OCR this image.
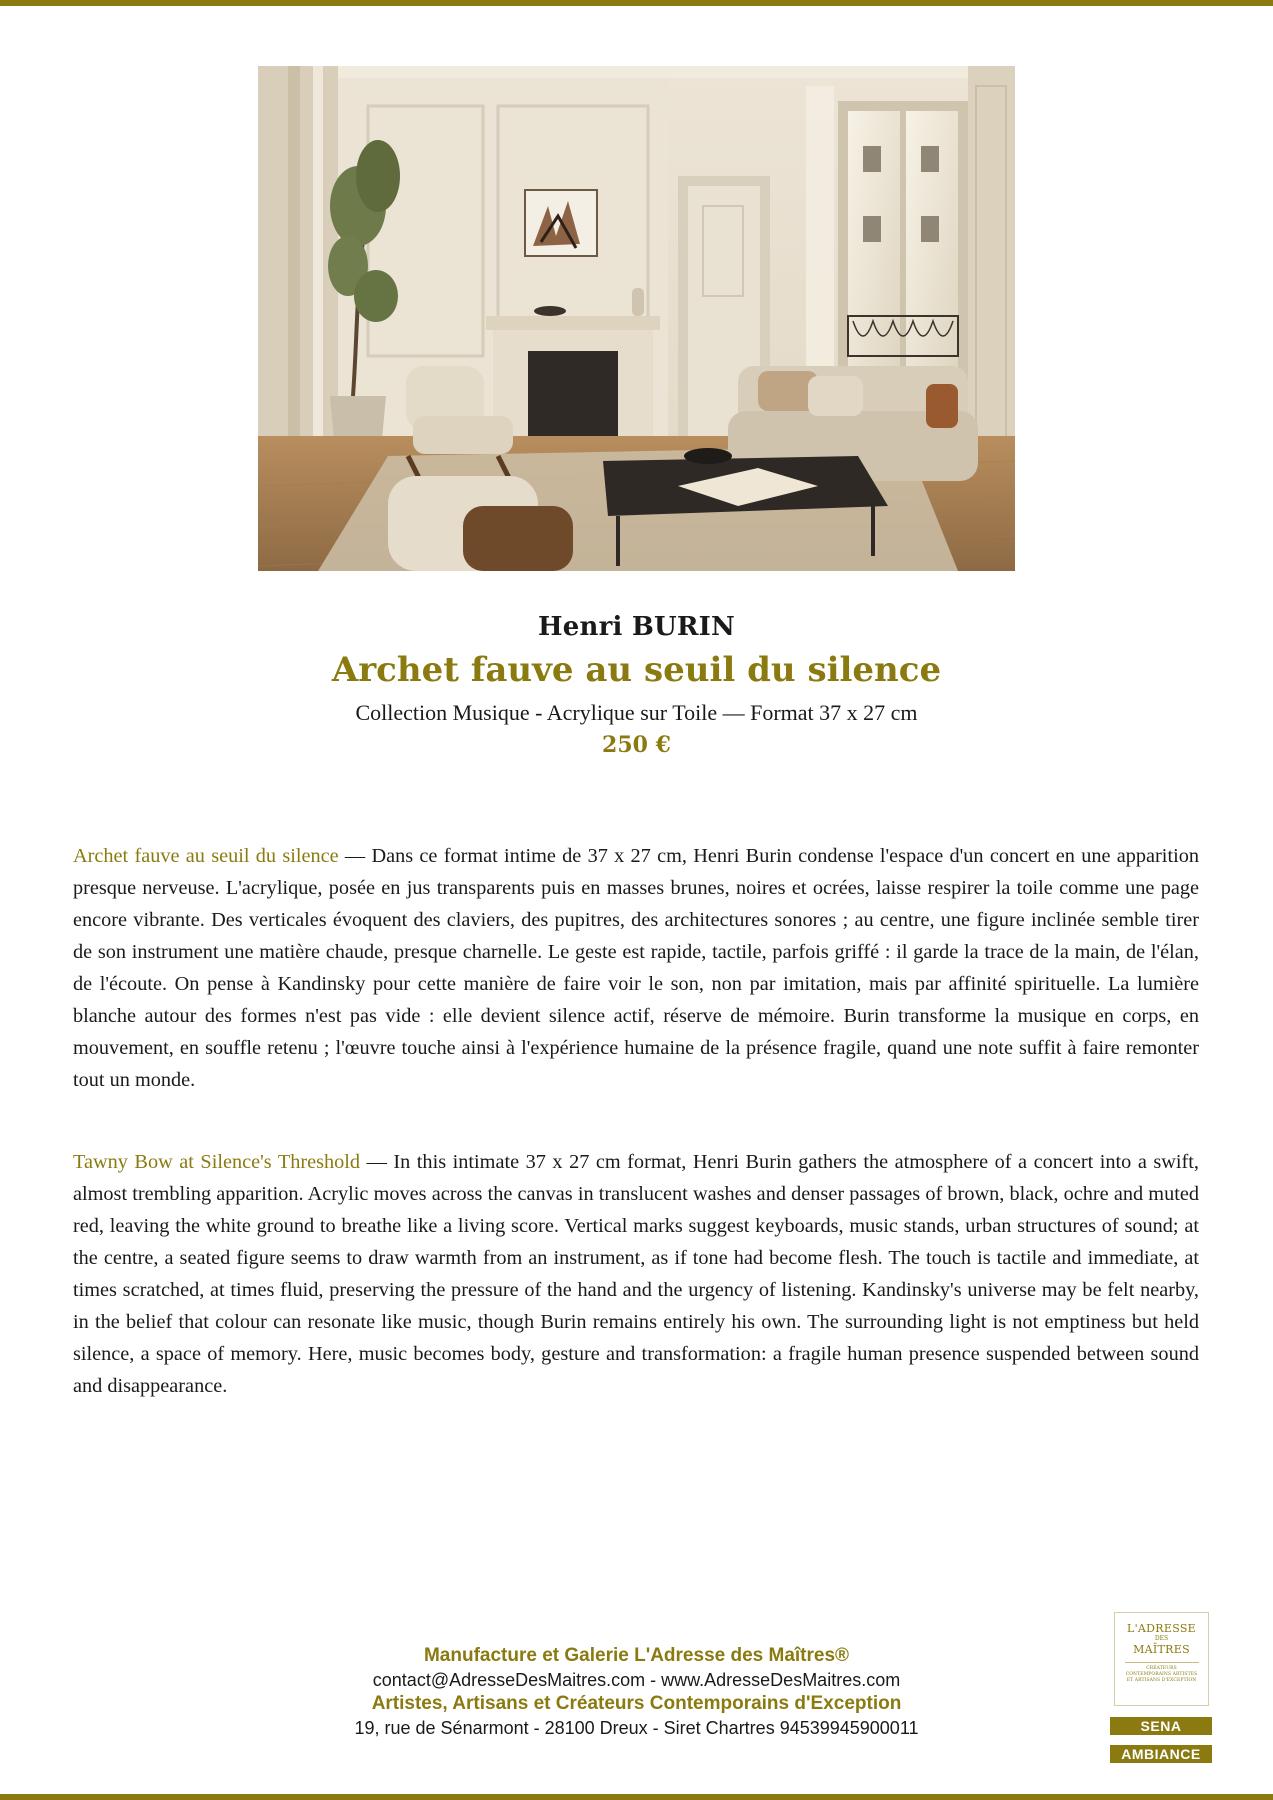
Henri BURIN
Archet fauve au seuil du silence
Collection Musique - Acrylique sur Toile — Format 37 x 27 cm
250 €

Archet fauve au seuil du silence — Dans ce format intime de 37 x 27 cm, Henri Burin condense l'espace d'un concert en une apparition presque nerveuse. L'acrylique, posée en jus transparents puis en masses brunes, noires et ocrées, laisse respirer la toile comme une page encore vibrante. Des verticales évoquent des claviers, des pupitres, des architectures sonores ; au centre, une figure inclinée semble tirer de son instrument une matière chaude, presque charnelle. Le geste est rapide, tactile, parfois griffé : il garde la trace de la main, de l'élan, de l'écoute. On pense à Kandinsky pour cette manière de faire voir le son, non par imitation, mais par affinité spirituelle. La lumière blanche autour des formes n'est pas vide : elle devient silence actif, réserve de mémoire. Burin transforme la musique en corps, en mouvement, en souffle retenu ; l'œuvre touche ainsi à l'expérience humaine de la présence fragile, quand une note suffit à faire remonter tout un monde.

Tawny Bow at Silence's Threshold — In this intimate 37 x 27 cm format, Henri Burin gathers the atmosphere of a concert into a swift, almost trembling apparition. Acrylic moves across the canvas in translucent washes and denser passages of brown, black, ochre and muted red, leaving the white ground to breathe like a living score. Vertical marks suggest keyboards, music stands, urban structures of sound; at the centre, a seated figure seems to draw warmth from an instrument, as if tone had become flesh. The touch is tactile and immediate, at times scratched, at times fluid, preserving the pressure of the hand and the urgency of listening. Kandinsky's universe may be felt nearby, in the belief that colour can resonate like music, though Burin remains entirely his own. The surrounding light is not emptiness but held silence, a space of memory. Here, music becomes body, gesture and transformation: a fragile human presence suspended between sound and disappearance.

Manufacture et Galerie L'Adresse des Maîtres®
contact@AdresseDesMaitres.com - www.AdresseDesMaitres.com
Artistes, Artisans et Créateurs Contemporains d'Exception
19, rue de Sénarmont - 28100 Dreux - Siret Chartres 94539945900011
L'ADRESSE
DES
MAÎTRES
CRÉATEURS CONTEMPORAINS ARTISTES ET ARTISANS D'EXCEPTION
SENA
AMBIANCE
